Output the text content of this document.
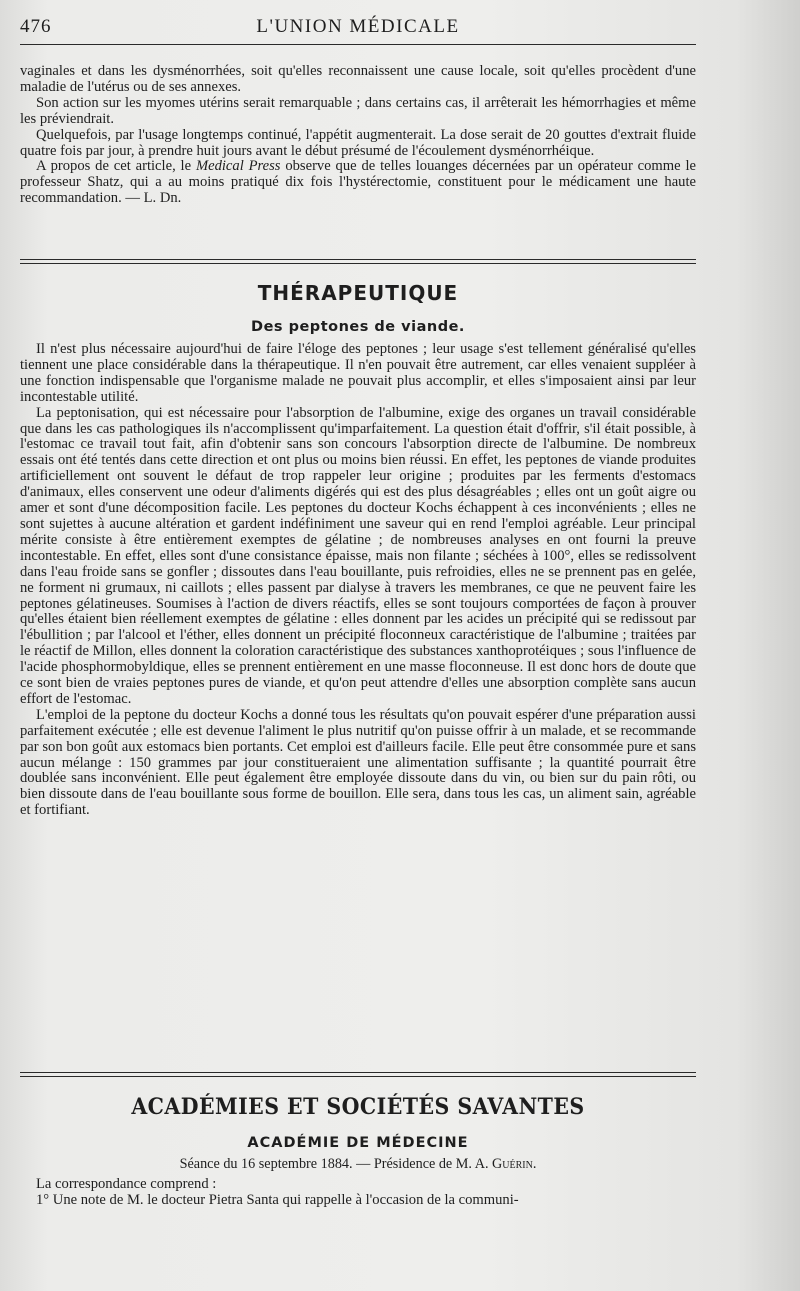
476	L'UNION MÉDICALE

vaginales et dans les dysménorrhées, soit qu'elles reconnaissent une cause locale, soit qu'elles procèdent d'une maladie de l'utérus ou de ses annexes.

Son action sur les myomes utérins serait remarquable ; dans certains cas, il arrêterait les hémorrhagies et même les préviendrait.

Quelquefois, par l'usage longtemps continué, l'appétit augmenterait. La dose serait de 20 gouttes d'extrait fluide quatre fois par jour, à prendre huit jours avant le début présumé de l'écoulement dysménorrhéique.

A propos de cet article, le Medical Press observe que de telles louanges décernées par un opérateur comme le professeur Shatz, qui a au moins pratiqué dix fois l'hystérectomie, constituent pour le médicament une haute recommandation. — L. Dn.

THÉRAPEUTIQUE
Des peptones de viande.

Il n'est plus nécessaire aujourd'hui de faire l'éloge des peptones ; leur usage s'est tellement généralisé qu'elles tiennent une place considérable dans la thérapeutique. Il n'en pouvait être autrement, car elles venaient suppléer à une fonction indispensable que l'organisme malade ne pouvait plus accomplir, et elles s'imposaient ainsi par leur incontestable utilité.

La peptonisation, qui est nécessaire pour l'absorption de l'albumine, exige des organes un travail considérable que dans les cas pathologiques ils n'accomplissent qu'imparfaitement. La question était d'offrir, s'il était possible, à l'estomac ce travail tout fait, afin d'obtenir sans son concours l'absorption directe de l'albumine. De nombreux essais ont été tentés dans cette direction et ont plus ou moins bien réussi. En effet, les peptones de viande produites artificiellement ont souvent le défaut de trop rappeler leur origine ; produites par les ferments d'estomacs d'animaux, elles conservent une odeur d'aliments digérés qui est des plus désagréables ; elles ont un goût aigre ou amer et sont d'une décomposition facile. Les peptones du docteur Kochs échappent à ces inconvénients ; elles ne sont sujettes à aucune altération et gardent indéfiniment une saveur qui en rend l'emploi agréable. Leur principal mérite consiste à être entièrement exemptes de gélatine ; de nombreuses analyses en ont fourni la preuve incontestable. En effet, elles sont d'une consistance épaisse, mais non filante ; séchées à 100°, elles se redissolvent dans l'eau froide sans se gonfler ; dissoutes dans l'eau bouillante, puis refroidies, elles ne se prennent pas en gelée, ne forment ni grumaux, ni caillots ; elles passent par dialyse à travers les membranes, ce que ne peuvent faire les peptones gélatineuses. Soumises à l'action de divers réactifs, elles se sont toujours comportées de façon à prouver qu'elles étaient bien réellement exemptes de gélatine : elles donnent par les acides un précipité qui se redissout par l'ébullition ; par l'alcool et l'éther, elles donnent un précipité floconneux caractéristique de l'albumine ; traitées par le réactif de Millon, elles donnent la coloration caractéristique des substances xanthoprotéiques ; sous l'influence de l'acide phosphormobyldique, elles se prennent entièrement en une masse floconneuse. Il est donc hors de doute que ce sont bien de vraies peptones pures de viande, et qu'on peut attendre d'elles une absorption complète sans aucun effort de l'estomac.

L'emploi de la peptone du docteur Kochs a donné tous les résultats qu'on pouvait espérer d'une préparation aussi parfaitement exécutée ; elle est devenue l'aliment le plus nutritif qu'on puisse offrir à un malade, et se recommande par son bon goût aux estomacs bien portants. Cet emploi est d'ailleurs facile. Elle peut être consommée pure et sans aucun mélange : 150 grammes par jour constitueraient une alimentation suffisante ; la quantité pourrait être doublée sans inconvénient. Elle peut également être employée dissoute dans du vin, ou bien sur du pain rôti, ou bien dissoute dans de l'eau bouillante sous forme de bouillon. Elle sera, dans tous les cas, un aliment sain, agréable et fortifiant.

ACADÉMIES ET SOCIÉTÉS SAVANTES
ACADÉMIE DE MÉDECINE
Séance du 16 septembre 1884. — Présidence de M. A. Guérin.

La correspondance comprend :

1° Une note de M. le docteur Pietra Santa qui rappelle à l'occasion de la communi-
